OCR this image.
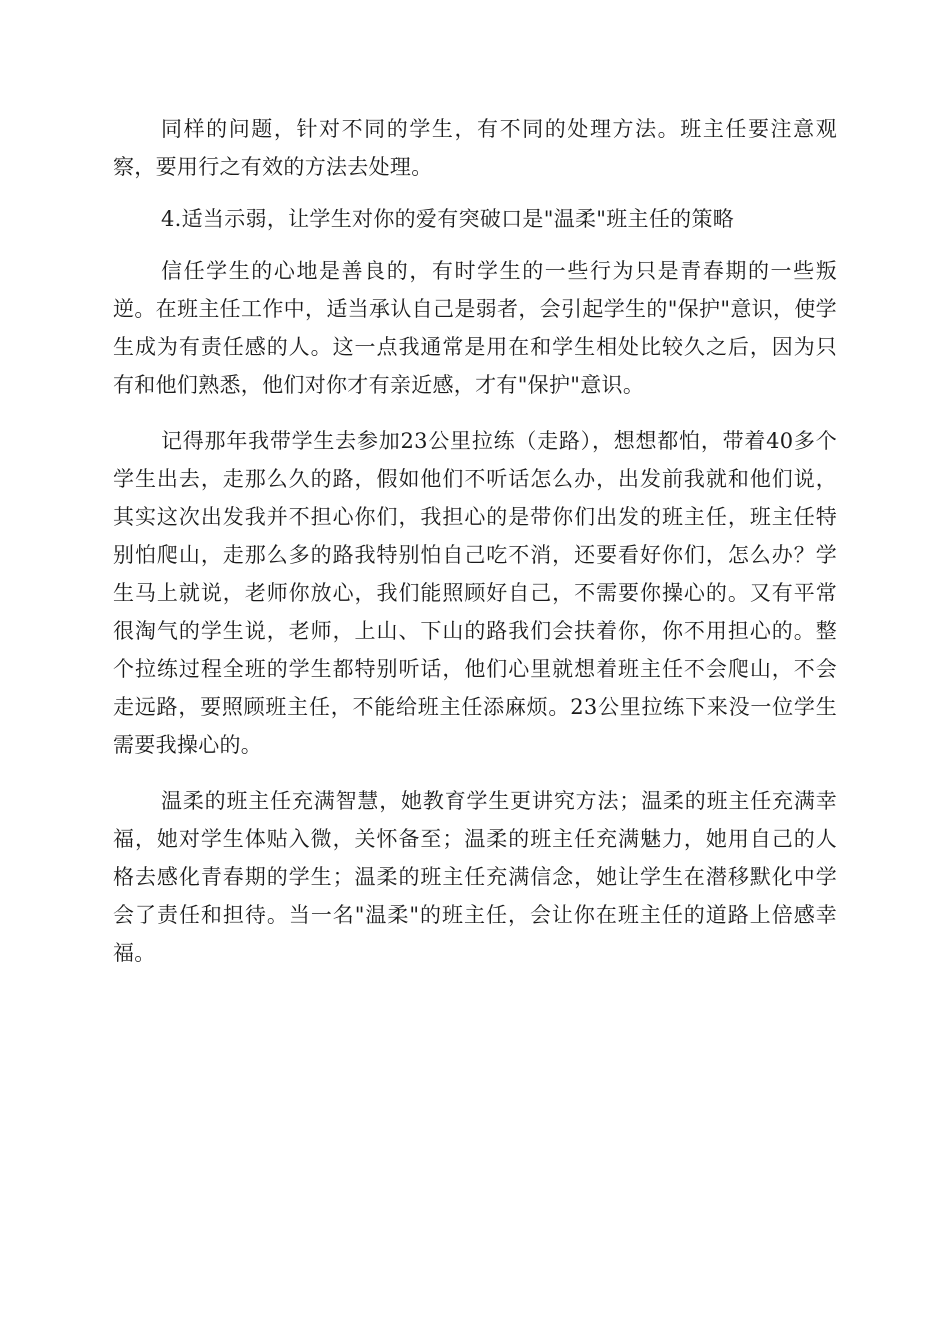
同样的问题，针对不同的学生，有不同的处理方法。班主任要注意观察，要用行之有效的方法去处理。

4.适当示弱，让学生对你的爱有突破口是"温柔"班主任的策略

信任学生的心地是善良的，有时学生的一些行为只是青春期的一些叛逆。在班主任工作中，适当承认自己是弱者，会引起学生的"保护"意识，使学生成为有责任感的人。这一点我通常是用在和学生相处比较久之后，因为只有和他们熟悉，他们对你才有亲近感，才有"保护"意识。

记得那年我带学生去参加23公里拉练（走路），想想都怕，带着40多个学生出去，走那么久的路，假如他们不听话怎么办，出发前我就和他们说，其实这次出发我并不担心你们，我担心的是带你们出发的班主任，班主任特别怕爬山，走那么多的路我特别怕自己吃不消，还要看好你们，怎么办？学生马上就说，老师你放心，我们能照顾好自己，不需要你操心的。又有平常很淘气的学生说，老师，上山、下山的路我们会扶着你，你不用担心的。整个拉练过程全班的学生都特别听话，他们心里就想着班主任不会爬山，不会走远路，要照顾班主任，不能给班主任添麻烦。23公里拉练下来没一位学生需要我操心的。

温柔的班主任充满智慧，她教育学生更讲究方法；温柔的班主任充满幸福，她对学生体贴入微，关怀备至；温柔的班主任充满魅力，她用自己的人格去感化青春期的学生；温柔的班主任充满信念，她让学生在潜移默化中学会了责任和担待。当一名"温柔"的班主任，会让你在班主任的道路上倍感幸福。
